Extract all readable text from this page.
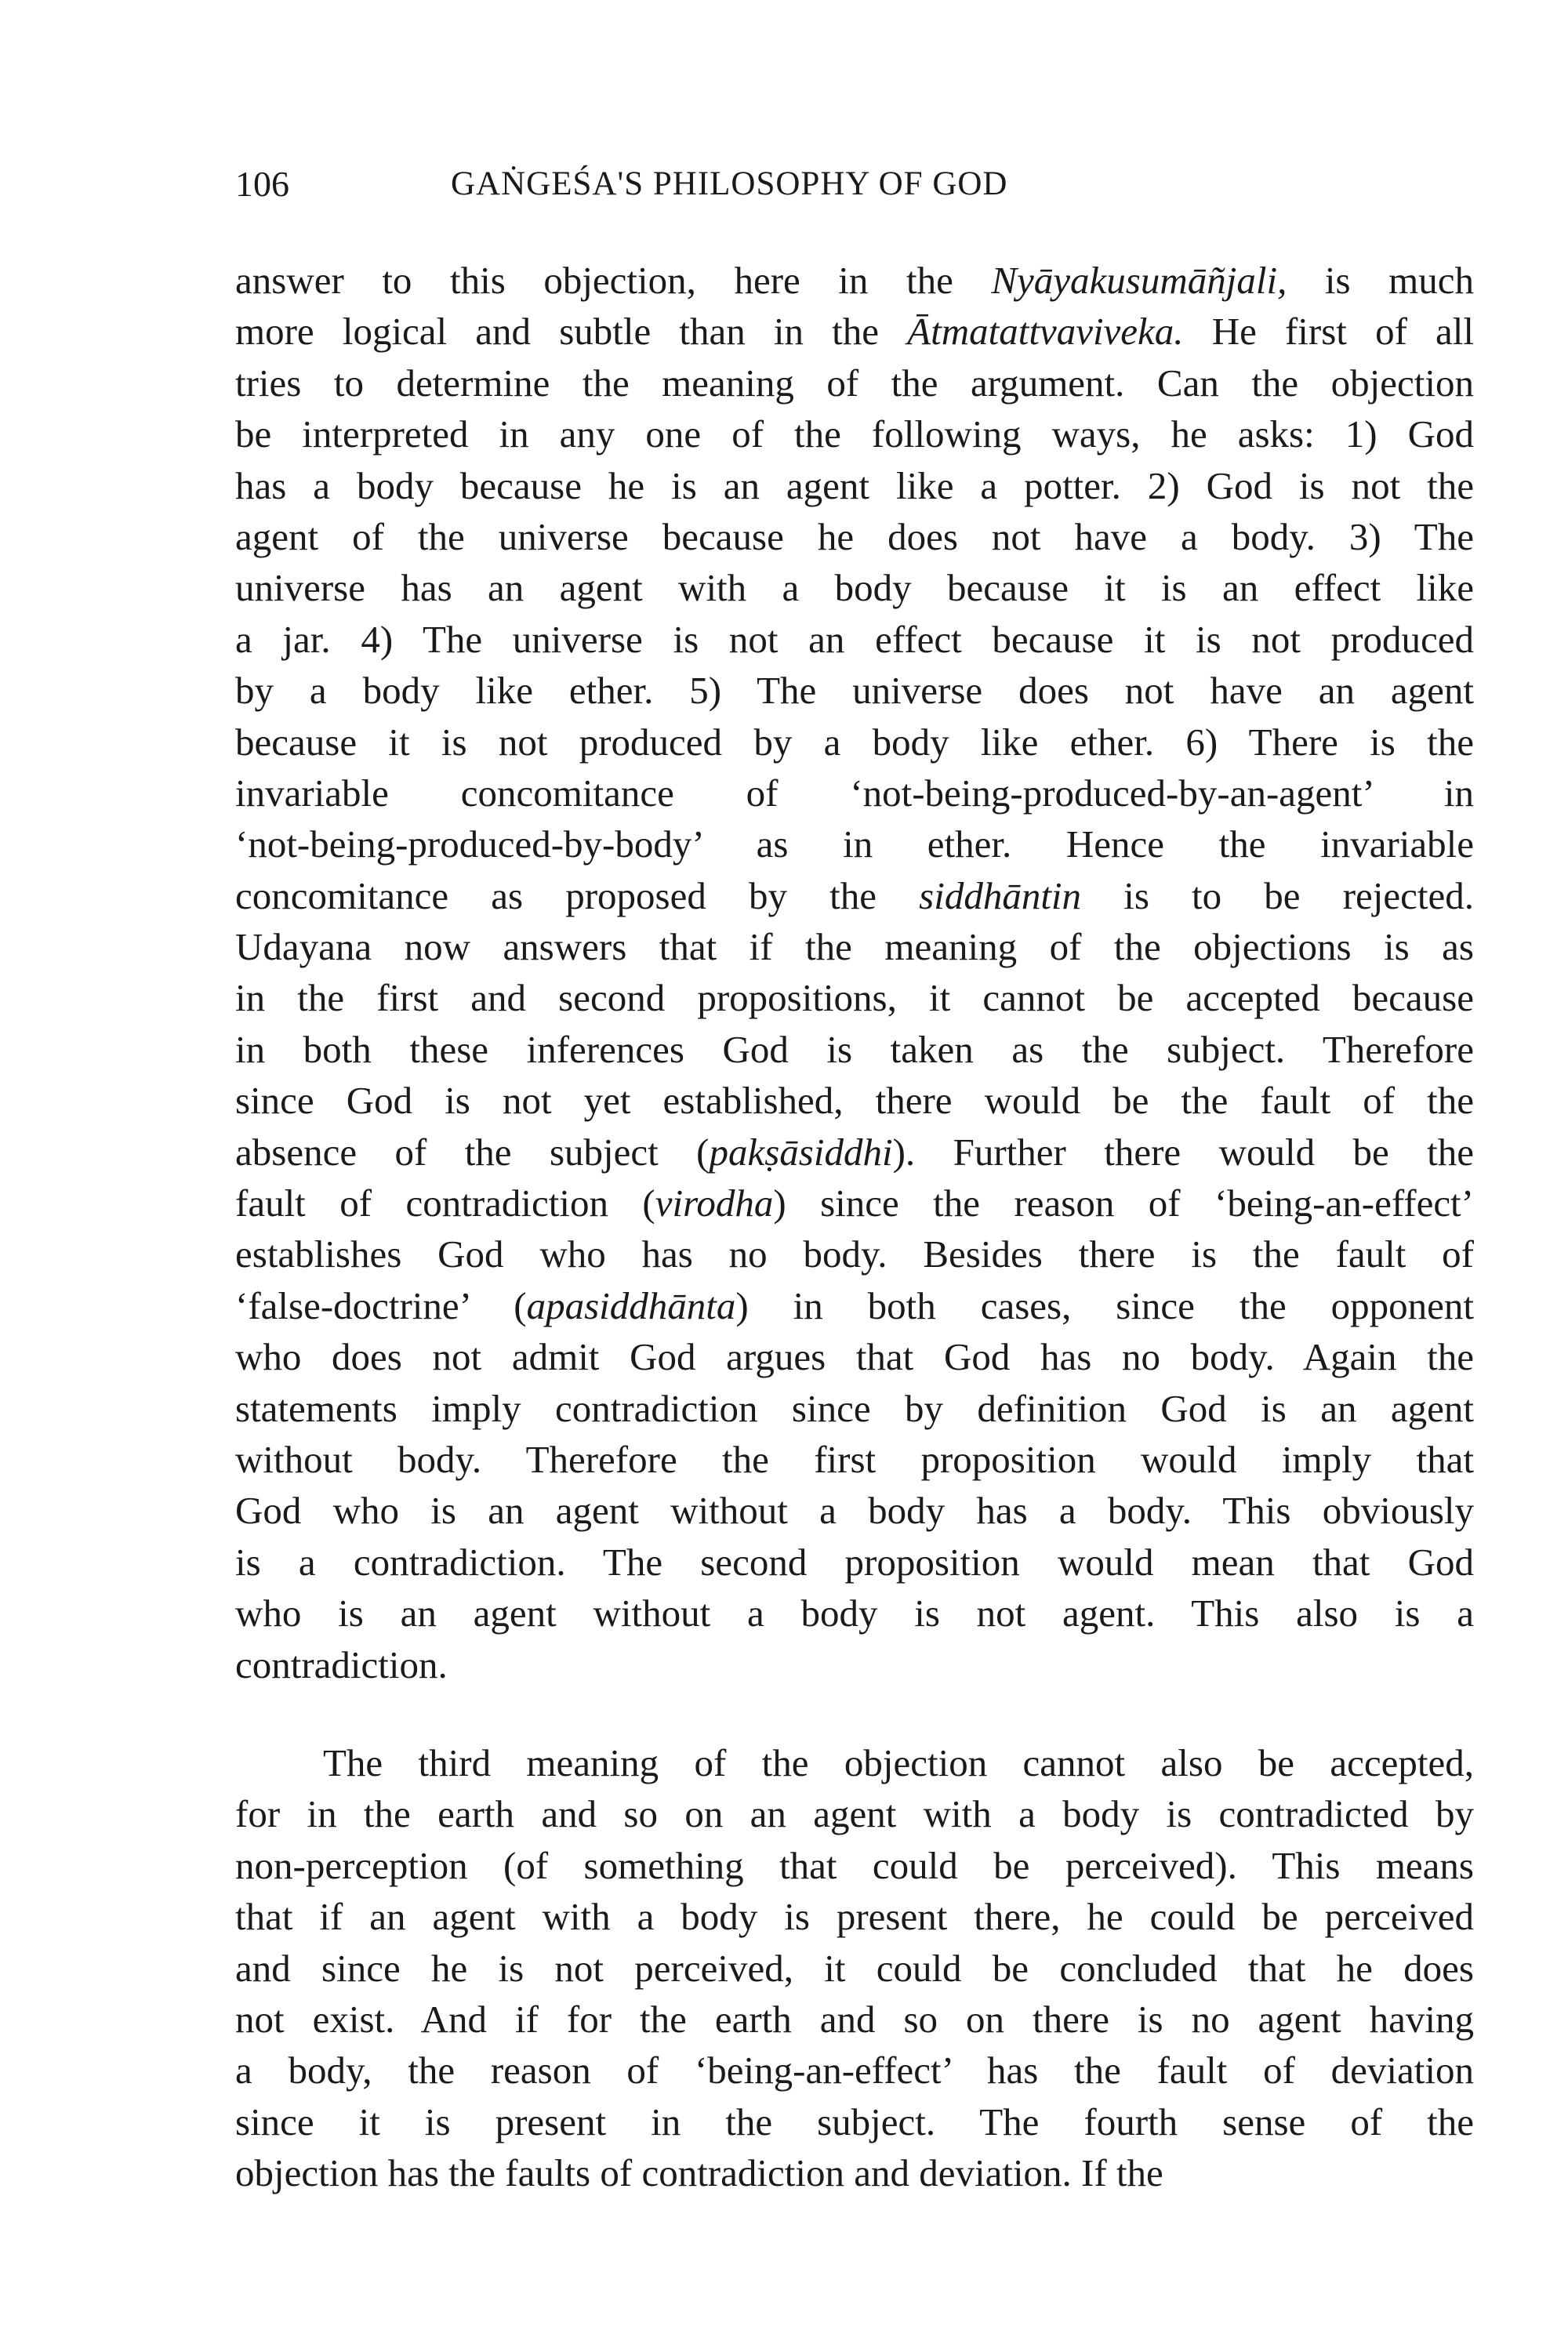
106	GAṄGEŚA'S PHILOSOPHY OF GOD

answer to this objection, here in the Nyāyakusumāñjali, is much
more logical and subtle than in the Ātmatattvaviveka. He first of all
tries to determine the meaning of the argument. Can the objection
be interpreted in any one of the following ways, he asks: 1) God
has a body because he is an agent like a potter. 2) God is not the
agent of the universe because he does not have a body. 3) The
universe has an agent with a body because it is an effect like
a jar. 4) The universe is not an effect because it is not produced
by a body like ether. 5) The universe does not have an agent
because it is not produced by a body like ether. 6) There is the
invariable concomitance of ‘not-being-produced-by-an-agent’ in
‘not-being-produced-by-body’ as in ether. Hence the invariable
concomitance as proposed by the siddhāntin is to be rejected.
Udayana now answers that if the meaning of the objections is as
in the first and second propositions, it cannot be accepted because
in both these inferences God is taken as the subject. Therefore
since God is not yet established, there would be the fault of the
absence of the subject (pakṣāsiddhi). Further there would be the
fault of contradiction (virodha) since the reason of ‘being-an-effect’
establishes God who has no body. Besides there is the fault of
‘false-doctrine’ (apasiddhānta) in both cases, since the opponent
who does not admit God argues that God has no body. Again the
statements imply contradiction since by definition God is an agent
without body. Therefore the first proposition would imply that
God who is an agent without a body has a body. This obviously
is a contradiction. The second proposition would mean that God
who is an agent without a body is not agent. This also is a
contradiction.

The third meaning of the objection cannot also be accepted,
for in the earth and so on an agent with a body is contradicted by
non-perception (of something that could be perceived). This means
that if an agent with a body is present there, he could be perceived
and since he is not perceived, it could be concluded that he does
not exist. And if for the earth and so on there is no agent having
a body, the reason of ‘being-an-effect’ has the fault of deviation
since it is present in the subject. The fourth sense of the
objection has the faults of contradiction and deviation. If the
